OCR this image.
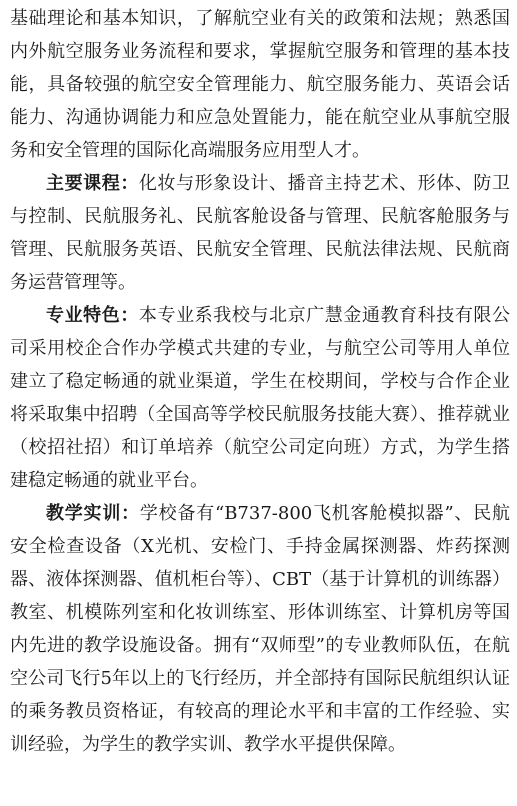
基础理论和基本知识，了解航空业有关的政策和法规；熟悉国内外航空服务业务流程和要求，掌握航空服务和管理的基本技能，具备较强的航空安全管理能力、航空服务能力、英语会话能力、沟通协调能力和应急处置能力，能在航空业从事航空服务和安全管理的国际化高端服务应用型人才。

主要课程：化妆与形象设计、播音主持艺术、形体、防卫与控制、民航服务礼、民航客舱设备与管理、民航客舱服务与管理、民航服务英语、民航安全管理、民航法律法规、民航商务运营管理等。

专业特色：本专业系我校与北京广慧金通教育科技有限公司采用校企合作办学模式共建的专业，与航空公司等用人单位建立了稳定畅通的就业渠道，学生在校期间，学校与合作企业将采取集中招聘（全国高等学校民航服务技能大赛）、推荐就业（校招社招）和订单培养（航空公司定向班）方式，为学生搭建稳定畅通的就业平台。

教学实训：学校备有“B737-800飞机客舱模拟器”、民航安全检查设备（X光机、安检门、手持金属探测器、炸药探测器、液体探测器、值机柜台等）、CBT（基于计算机的训练器）教室、机模陈列室和化妆训练室、形体训练室、计算机房等国内先进的教学设施设备。拥有“双师型”的专业教师队伍，在航空公司飞行5年以上的飞行经历，并全部持有国际民航组织认证的乘务教员资格证，有较高的理论水平和丰富的工作经验、实训经验，为学生的教学实训、教学水平提供保障。
